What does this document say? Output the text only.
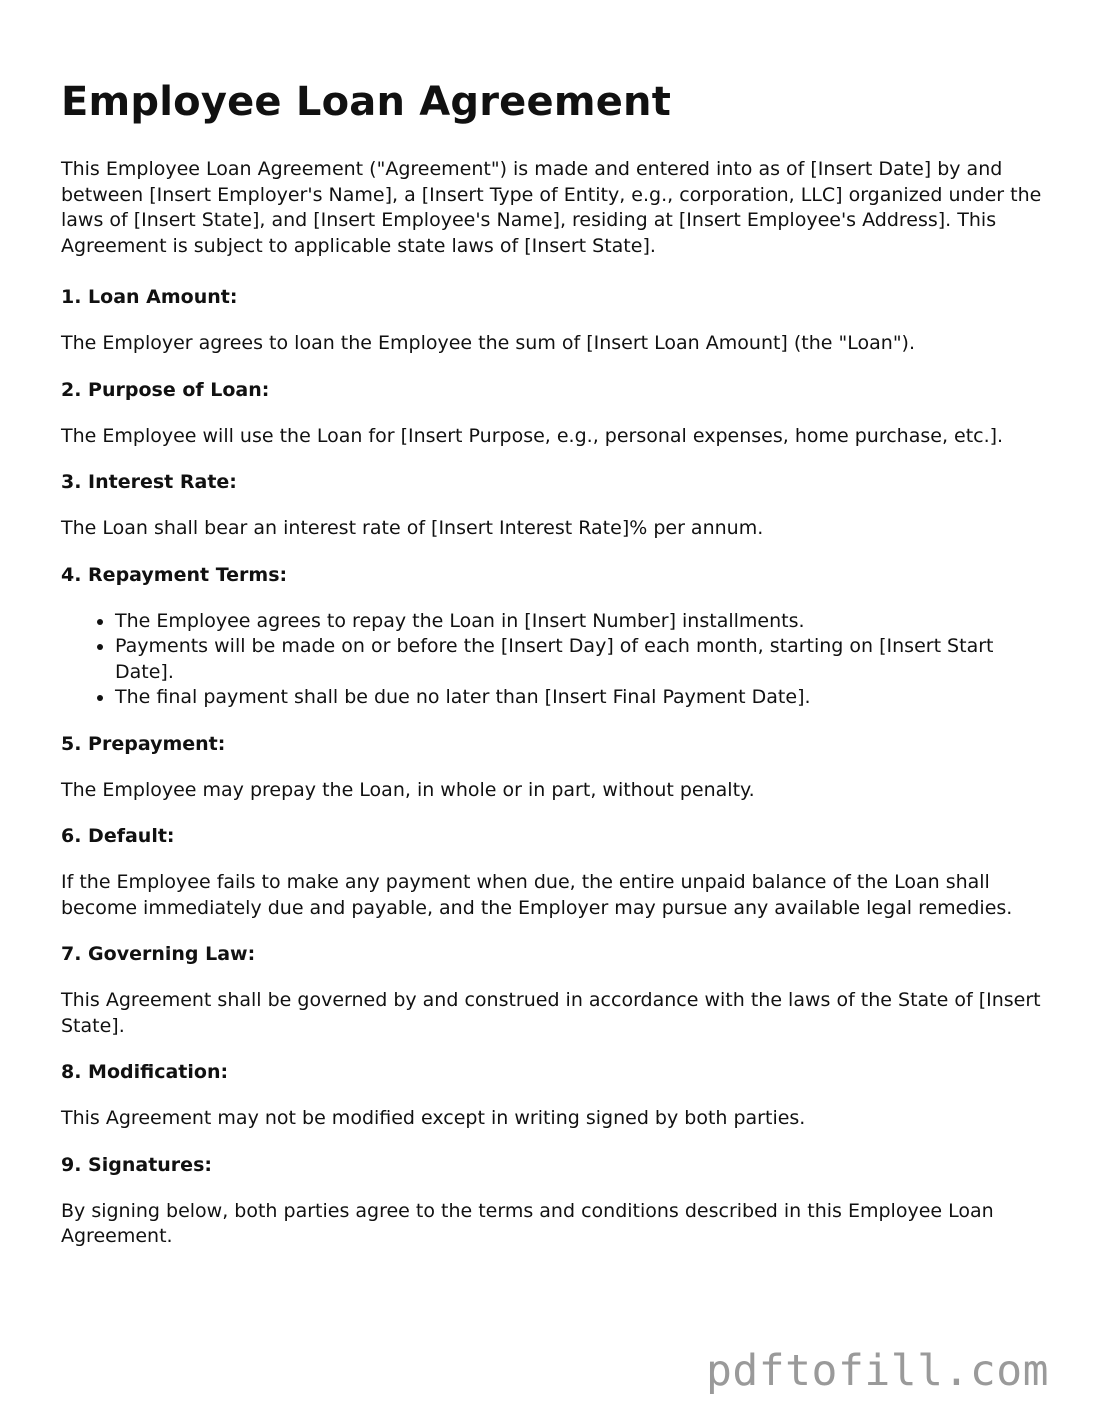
Employee Loan Agreement

This Employee Loan Agreement ("Agreement") is made and entered into as of [Insert Date] by and between [Insert Employer's Name], a [Insert Type of Entity, e.g., corporation, LLC] organized under the laws of [Insert State], and [Insert Employee's Name], residing at [Insert Employee's Address]. This Agreement is subject to applicable state laws of [Insert State].

1. Loan Amount:

The Employer agrees to loan the Employee the sum of [Insert Loan Amount] (the "Loan").

2. Purpose of Loan:

The Employee will use the Loan for [Insert Purpose, e.g., personal expenses, home purchase, etc.].

3. Interest Rate:

The Loan shall bear an interest rate of [Insert Interest Rate]% per annum.

4. Repayment Terms:
• The Employee agrees to repay the Loan in [Insert Number] installments.
• Payments will be made on or before the [Insert Day] of each month, starting on [Insert Start Date].
• The final payment shall be due no later than [Insert Final Payment Date].
5. Prepayment:

The Employee may prepay the Loan, in whole or in part, without penalty.

6. Default:

If the Employee fails to make any payment when due, the entire unpaid balance of the Loan shall become immediately due and payable, and the Employer may pursue any available legal remedies.

7. Governing Law:

This Agreement shall be governed by and construed in accordance with the laws of the State of [Insert State].

8. Modification:

This Agreement may not be modified except in writing signed by both parties.

9. Signatures:

By signing below, both parties agree to the terms and conditions described in this Employee Loan Agreement.

pdftofill.com
